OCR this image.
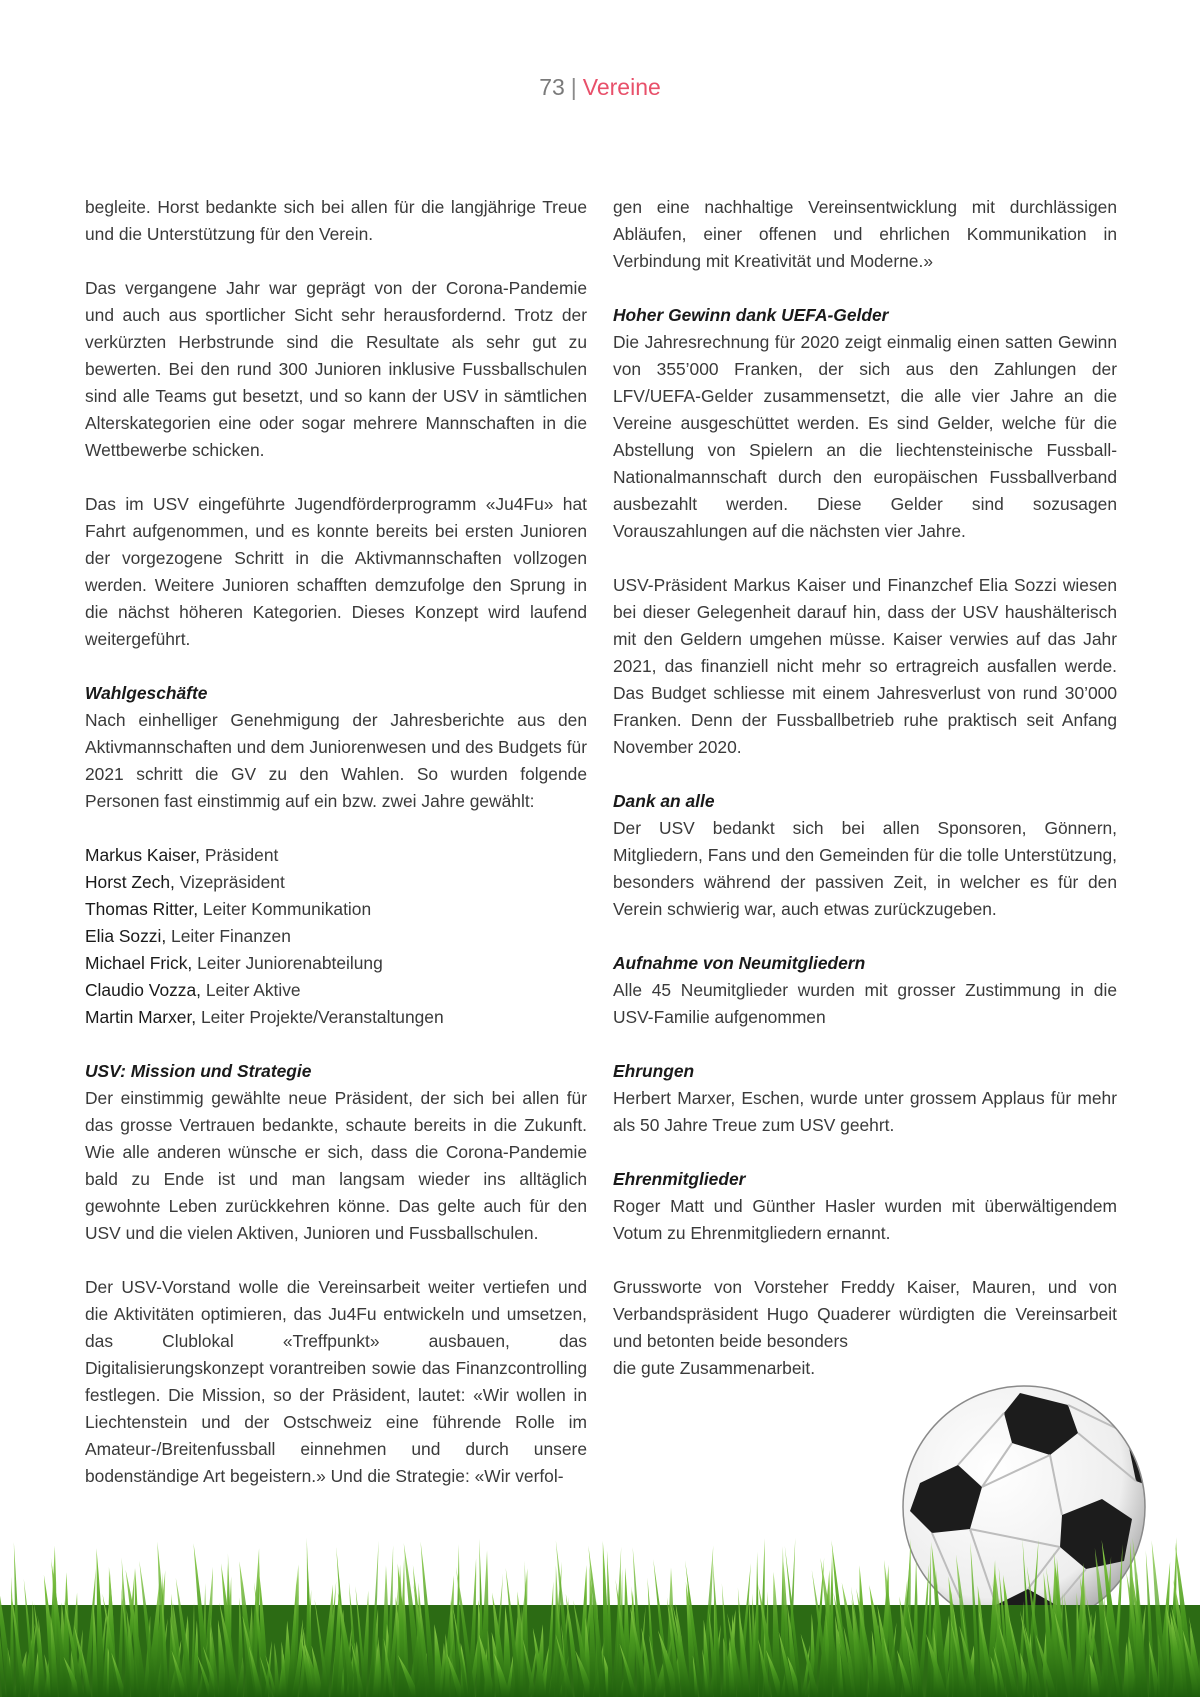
73 | Vereine

begleite. Horst bedankte sich bei allen für die langjährige Treue und die Unterstützung für den Verein.

Das vergangene Jahr war geprägt von der Corona-Pandemie und auch aus sportlicher Sicht sehr herausfordernd. Trotz der verkürzten Herbstrunde sind die Resultate als sehr gut zu bewerten. Bei den rund 300 Junioren inklusive Fussballschulen sind alle Teams gut besetzt, und so kann der USV in sämtlichen Alterskategorien eine oder sogar mehrere Mannschaften in die Wettbewerbe schicken.

Das im USV eingeführte Jugendförderprogramm «Ju4Fu» hat Fahrt aufgenommen, und es konnte bereits bei ersten Junioren der vorgezogene Schritt in die Aktivmannschaften vollzogen werden. Weitere Junioren schafften demzufolge den Sprung in die nächst höheren Kategorien. Dieses Konzept wird laufend weitergeführt.

Wahlgeschäfte

Nach einhelliger Genehmigung der Jahresberichte aus den Aktivmannschaften und dem Juniorenwesen und des Budgets für 2021 schritt die GV zu den Wahlen. So wurden folgende Personen fast einstimmig auf ein bzw. zwei Jahre gewählt:

Markus Kaiser, Präsident
Horst Zech, Vizepräsident
Thomas Ritter, Leiter Kommunikation
Elia Sozzi, Leiter Finanzen
Michael Frick, Leiter Juniorenabteilung
Claudio Vozza, Leiter Aktive
Martin Marxer, Leiter Projekte/Veranstaltungen
USV: Mission und Strategie

Der einstimmig gewählte neue Präsident, der sich bei allen für das grosse Vertrauen bedankte, schaute bereits in die Zukunft. Wie alle anderen wünsche er sich, dass die Corona-Pandemie bald zu Ende ist und man langsam wieder ins alltäglich gewohnte Leben zurückkehren könne. Das gelte auch für den USV und die vielen Aktiven, Junioren und Fussballschulen.

Der USV-Vorstand wolle die Vereinsarbeit weiter vertiefen und die Aktivitäten optimieren, das Ju4Fu entwickeln und umsetzen, das Clublokal «Treffpunkt» ausbauen, das Digitalisierungskonzept vorantreiben sowie das Finanzcontrolling festlegen. Die Mission, so der Präsident, lautet: «Wir wollen in Liechtenstein und der Ostschweiz eine führende Rolle im Amateur-/Breitenfussball einnehmen und durch unsere bodenständige Art begeistern.» Und die Strategie: «Wir verfol-

gen eine nachhaltige Vereinsentwicklung mit durchlässigen Abläufen, einer offenen und ehrlichen Kommunikation in Verbindung mit Kreativität und Moderne.»

Hoher Gewinn dank UEFA-Gelder

Die Jahresrechnung für 2020 zeigt einmalig einen satten Gewinn von 355’000 Franken, der sich aus den Zahlungen der LFV/UEFA-Gelder zusammensetzt, die alle vier Jahre an die Vereine ausgeschüttet werden. Es sind Gelder, welche für die Abstellung von Spielern an die liechtensteinische Fussball-Nationalmannschaft durch den europäischen Fussballverband ausbezahlt werden. Diese Gelder sind sozusagen Vorauszahlungen auf die nächsten vier Jahre.

USV-Präsident Markus Kaiser und Finanzchef Elia Sozzi wiesen bei dieser Gelegenheit darauf hin, dass der USV haushälterisch mit den Geldern umgehen müsse. Kaiser verwies auf das Jahr 2021, das finanziell nicht mehr so ertragreich ausfallen werde. Das Budget schliesse mit einem Jahresverlust von rund 30’000 Franken. Denn der Fussballbetrieb ruhe praktisch seit Anfang November 2020.

Dank an alle

Der USV bedankt sich bei allen Sponsoren, Gönnern, Mitgliedern, Fans und den Gemeinden für die tolle Unterstützung, besonders während der passiven Zeit, in welcher es für den Verein schwierig war, auch etwas zurückzugeben.

Aufnahme von Neumitgliedern

Alle 45 Neumitglieder wurden mit grosser Zustimmung in die USV-Familie aufgenommen

Ehrungen

Herbert Marxer, Eschen, wurde unter grossem Applaus für mehr als 50 Jahre Treue zum USV geehrt.

Ehrenmitglieder

Roger Matt und Günther Hasler wurden mit überwältigendem Votum zu Ehrenmitgliedern ernannt.

Grussworte von Vorsteher Freddy Kaiser, Mauren, und von Verbandspräsident Hugo Quaderer würdigten die Vereinsarbeit und betonten beide besonders

die gute Zusammenarbeit.
